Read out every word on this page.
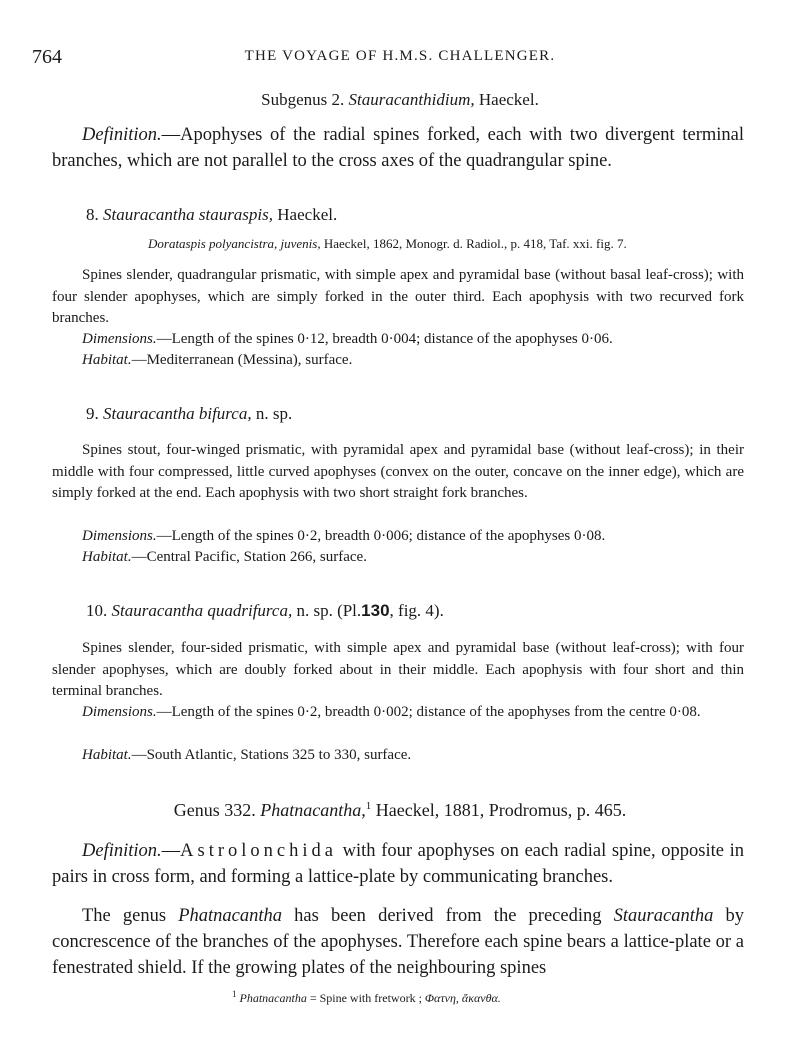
764	THE VOYAGE OF H.M.S. CHALLENGER.
Subgenus 2. Stauracanthidium, Haeckel.
Definition.—Apophyses of the radial spines forked, each with two divergent terminal branches, which are not parallel to the cross axes of the quadrangular spine.
8. Stauracantha stauraspis, Haeckel.
Dorataspis polyancistra, juvenis, Haeckel, 1862, Monogr. d. Radiol., p. 418, Taf. xxi. fig. 7.
Spines slender, quadrangular prismatic, with simple apex and pyramidal base (without basal leaf-cross); with four slender apophyses, which are simply forked in the outer third. Each apophysis with two recurved fork branches.
Dimensions.—Length of the spines 0·12, breadth 0·004; distance of the apophyses 0·06.
Habitat.—Mediterranean (Messina), surface.
9. Stauracantha bifurca, n. sp.
Spines stout, four-winged prismatic, with pyramidal apex and pyramidal base (without leaf-cross); in their middle with four compressed, little curved apophyses (convex on the outer, concave on the inner edge), which are simply forked at the end. Each apophysis with two short straight fork branches.
Dimensions.—Length of the spines 0·2, breadth 0·006; distance of the apophyses 0·08.
Habitat.—Central Pacific, Station 266, surface.
10. Stauracantha quadrifurca, n. sp. (Pl.130, fig. 4).
Spines slender, four-sided prismatic, with simple apex and pyramidal base (without leaf-cross); with four slender apophyses, which are doubly forked about in their middle. Each apophysis with four short and thin terminal branches.
Dimensions.—Length of the spines 0·2, breadth 0·002; distance of the apophyses from the centre 0·08.
Habitat.—South Atlantic, Stations 325 to 330, surface.
Genus 332. Phatnacantha,$^1$ Haeckel, 1881, Prodromus, p. 465.
Definition.—Astrolonchida with four apophyses on each radial spine, opposite in pairs in cross form, and forming a lattice-plate by communicating branches.
The genus Phatnacantha has been derived from the preceding Stauracantha by concrescence of the branches of the apophyses. Therefore each spine bears a lattice-plate or a fenestrated shield. If the growing plates of the neighbouring spines
$^1$ Phatnacantha = Spine with fretwork ; Φατνη, ἄκανθα.
